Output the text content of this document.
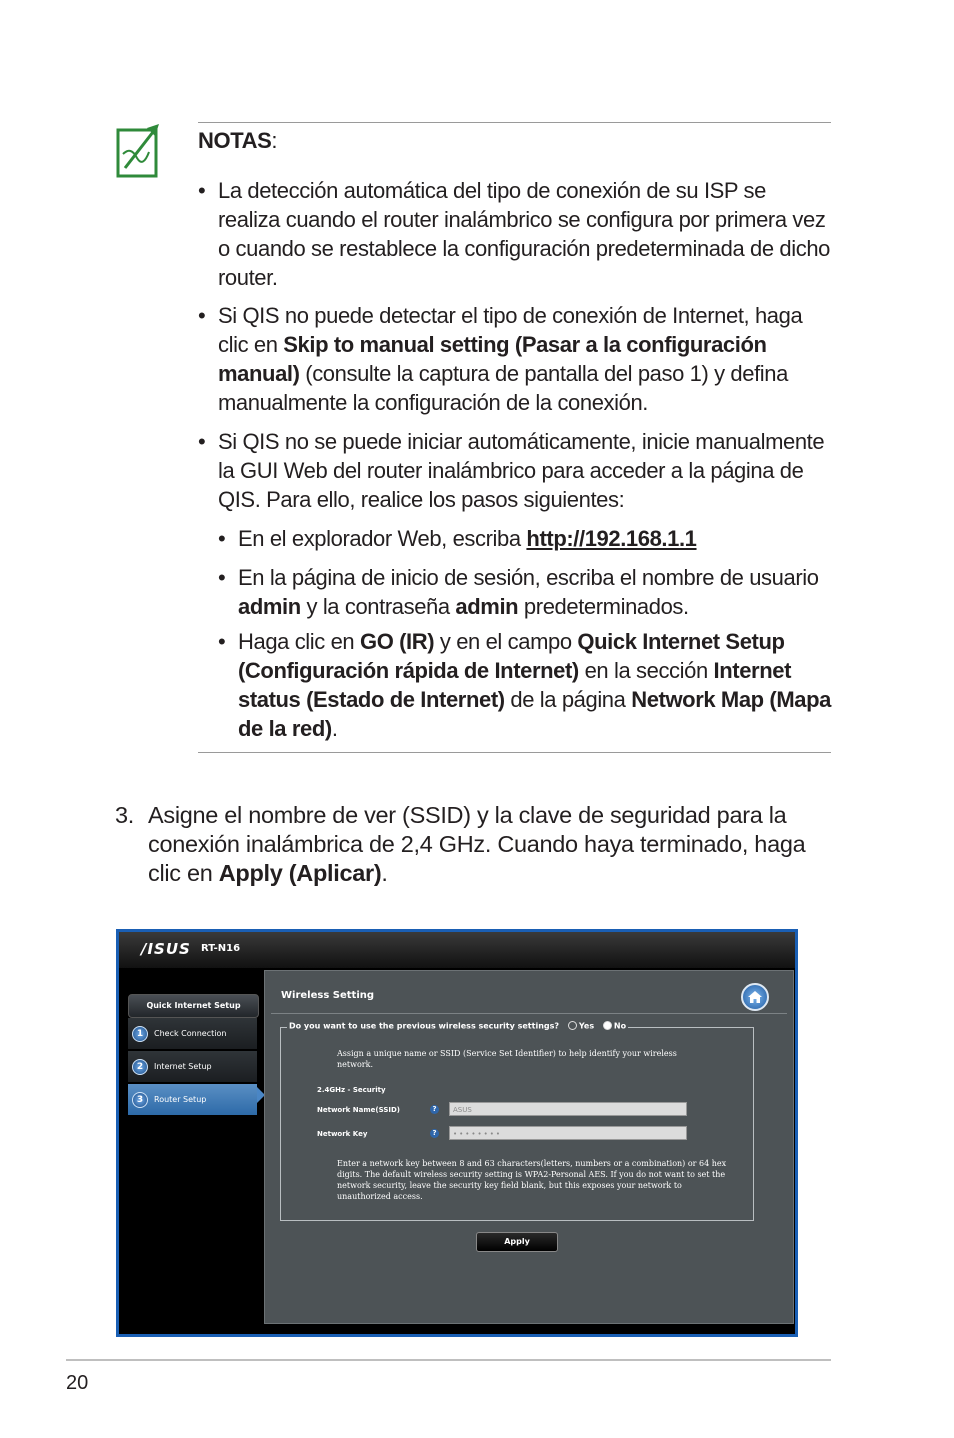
NOTAS:
• La detección automática del tipo de conexión de su ISP se realiza cuando el router inalámbrico se configura por primera vez o cuando se restablece la configuración predeterminada de dicho router.
• Si QIS no puede detectar el tipo de conexión de Internet, haga clic en Skip to manual setting (Pasar a la configuración manual) (consulte la captura de pantalla del paso 1) y defina manualmente la configuración de la conexión.
• Si QIS no se puede iniciar automáticamente, inicie manualmente la GUI Web del router inalámbrico para acceder a la página de QIS. Para ello, realice los pasos siguientes:
• En el explorador Web, escriba http://192.168.1.1
• En la página de inicio de sesión, escriba el nombre de usuario admin y la contraseña admin predeterminados.
• Haga clic en GO (IR) y en el campo Quick Internet Setup (Configuración rápida de Internet) en la sección Internet status (Estado de Internet) de la página Network Map (Mapa de la red).
3. Asigne el nombre de ver (SSID) y la clave de seguridad para la conexión inalámbrica de 2,4 GHz. Cuando haya terminado, haga clic en Apply (Aplicar).
/ISUS RT-N16
Quick Internet Setup
1	Check Connection
2	Internet Setup
3	Router Setup
Wireless Setting
Do you want to use the previous wireless security settings? Yes No
Assign a unique name or SSID (Service Set Identifier) to help identify your wireless network.
2.4GHz - Security
Network Name(SSID)	?	ASUS
Network Key	?	••••••••
Enter a network key between 8 and 63 characters(letters, numbers or a combination) or 64 hex digits. The default wireless security setting is WPA2-Personal AES. If you do not want to set the network security, leave the security key field blank, but this exposes your network to unauthorized access.
Apply
20
